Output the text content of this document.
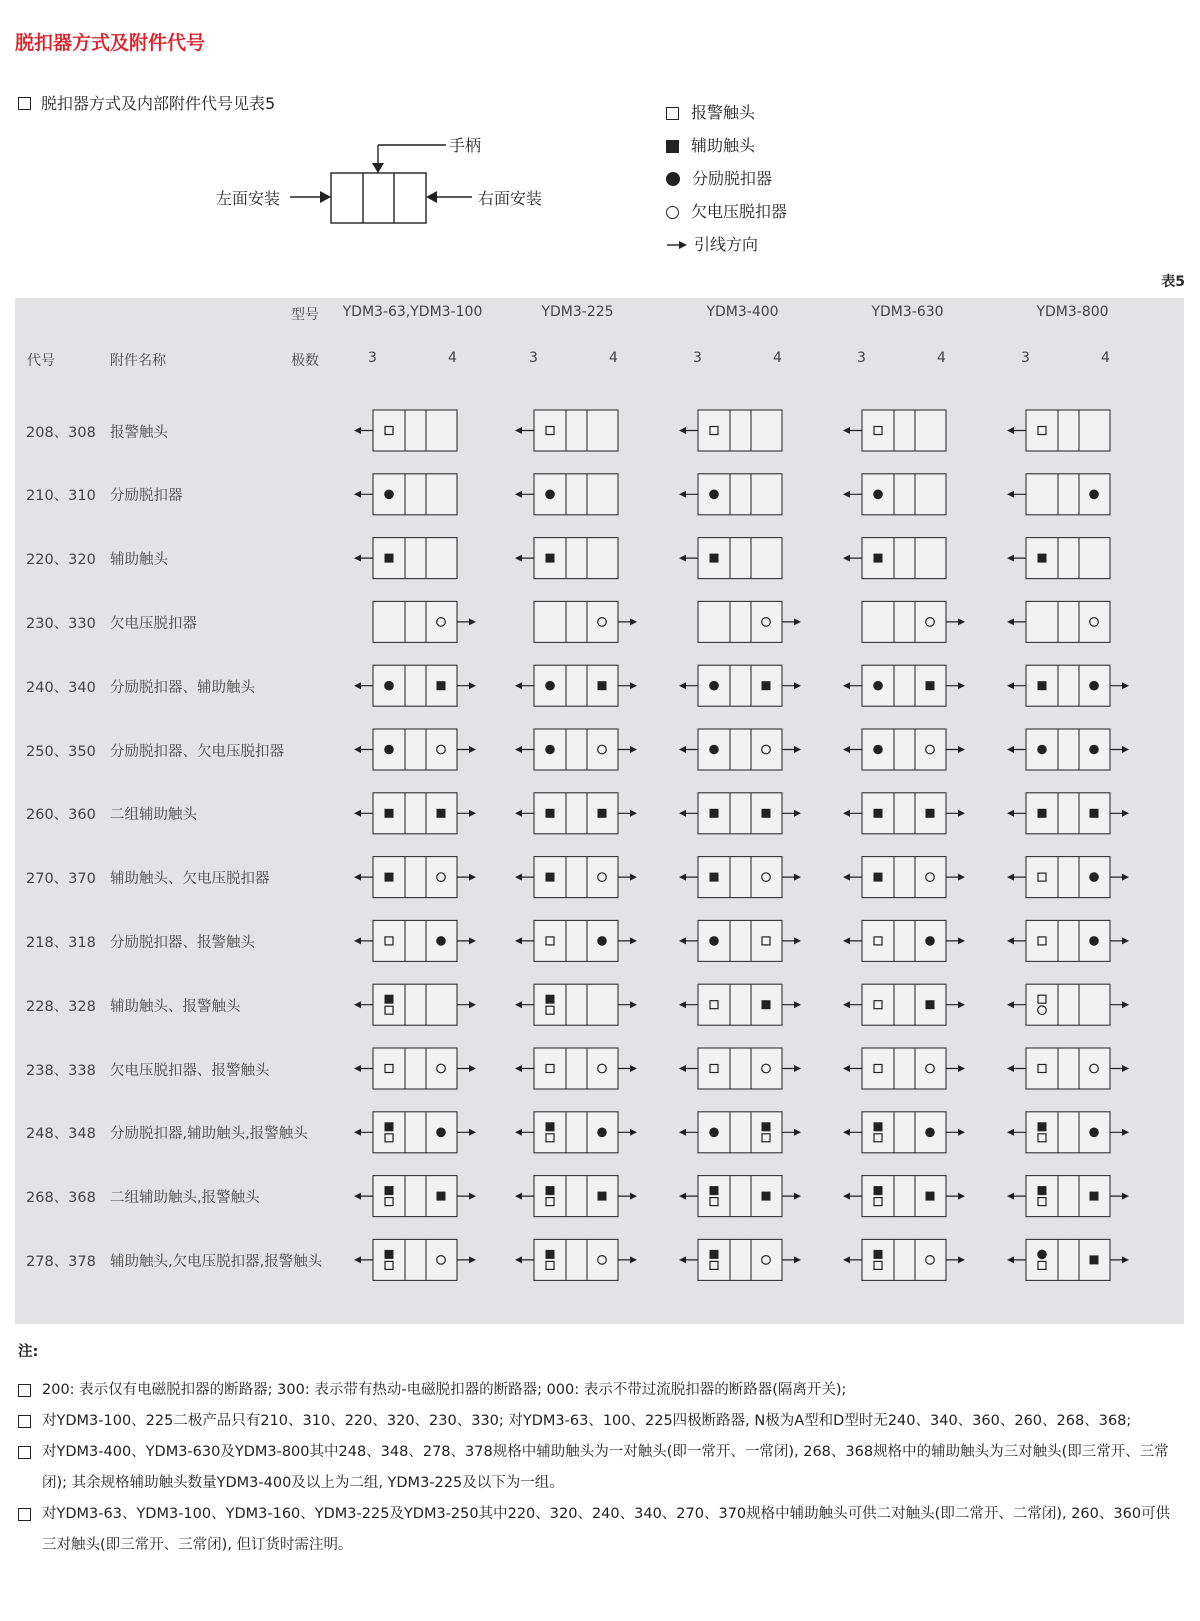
脱扣器方式及附件代号
脱扣器方式及内部附件代号见表5
手柄
左面安装	右面安装
报警触头
辅助触头
分励脱扣器
欠电压脱扣器
引线方向
表5
型号 YDM3-63,YDM3-100	YDM3-225	YDM3-400	YDM3-630	YDM3-800
代号	附件名称	极数	3	4	3	4	3	4	3	4	3	4
208、308 报警触头
210、310 分励脱扣器
220、320 辅助触头
230、330 欠电压脱扣器
240、340 分励脱扣器、辅助触头
250、350 分励脱扣器、欠电压脱扣器
260、360 二组辅助触头
270、370 辅助触头、欠电压脱扣器
218、318 分励脱扣器、报警触头
228、328 辅助触头、报警触头
238、338 欠电压脱扣器、报警触头
248、348 分励脱扣器,辅助触头,报警触头
268、368 二组辅助触头,报警触头
278、378 辅助触头,欠电压脱扣器,报警触头
注:
200: 表示仅有电磁脱扣器的断路器; 300: 表示带有热动-电磁脱扣器的断路器; 000: 表示不带过流脱扣器的断路器(隔离开关);
对YDM3-100、225二极产品只有210、310、220、320、230、330; 对YDM3-63、100、225四极断路器, N极为A型和D型时无240、340、360、260、268、368;
对YDM3-400、YDM3-630及YDM3-800其中248、348、278、378规格中辅助触头为一对触头(即一常开、一常闭), 268、368规格中的辅助触头为三对触头(即三常开、三常闭); 其余规格辅助触头数量YDM3-400及以上为二组, YDM3-225及以下为一组。
对YDM3-63、YDM3-100、YDM3-160、YDM3-225及YDM3-250其中220、320、240、340、270、370规格中辅助触头可供二对触头(即二常开、二常闭), 260、360可供三对触头(即三常开、三常闭), 但订货时需注明。
